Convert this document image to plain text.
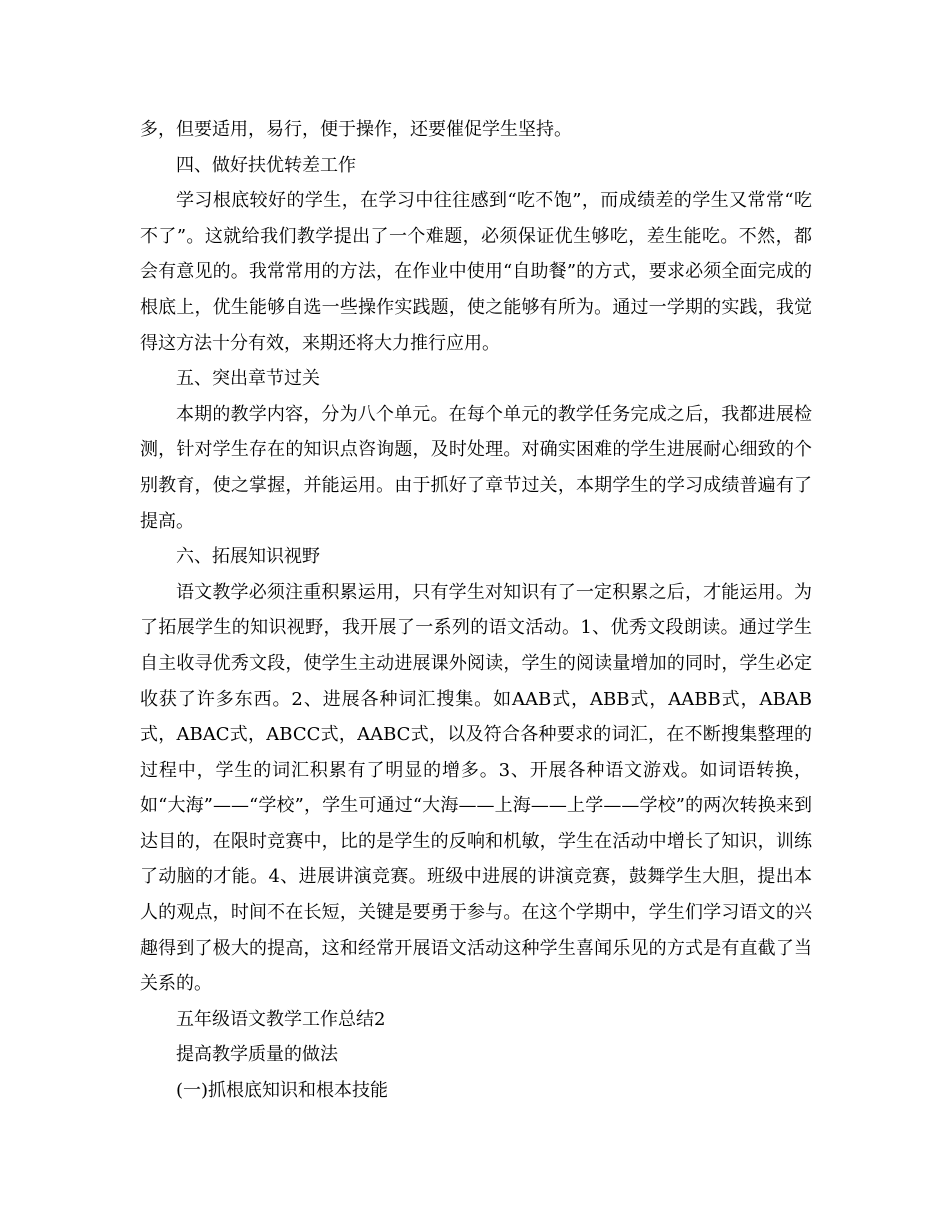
多，但要适用，易行，便于操作，还要催促学生坚持。

四、做好扶优转差工作

学习根底较好的学生，在学习中往往感到“吃不饱”，而成绩差的学生又常常“吃不了”。这就给我们教学提出了一个难题，必须保证优生够吃，差生能吃。不然，都会有意见的。我常常用的方法，在作业中使用“自助餐”的方式，要求必须全面完成的根底上，优生能够自选一些操作实践题，使之能够有所为。通过一学期的实践，我觉得这方法十分有效，来期还将大力推行应用。

五、突出章节过关

本期的教学内容，分为八个单元。在每个单元的教学任务完成之后，我都进展检测，针对学生存在的知识点咨询题，及时处理。对确实困难的学生进展耐心细致的个别教育，使之掌握，并能运用。由于抓好了章节过关，本期学生的学习成绩普遍有了提高。

六、拓展知识视野

语文教学必须注重积累运用，只有学生对知识有了一定积累之后，才能运用。为了拓展学生的知识视野，我开展了一系列的语文活动。1、优秀文段朗读。通过学生自主收寻优秀文段，使学生主动进展课外阅读，学生的阅读量增加的同时，学生必定收获了许多东西。2、进展各种词汇搜集。如AAB式，ABB式，AABB式，ABAB式，ABAC式，ABCC式，AABC式，以及符合各种要求的词汇，在不断搜集整理的过程中，学生的词汇积累有了明显的增多。3、开展各种语文游戏。如词语转换，如“大海”——“学校”，学生可通过“大海——上海——上学——学校”的两次转换来到达目的，在限时竞赛中，比的是学生的反响和机敏，学生在活动中增长了知识，训练了动脑的才能。4、进展讲演竞赛。班级中进展的讲演竞赛，鼓舞学生大胆，提出本人的观点，时间不在长短，关键是要勇于参与。在这个学期中，学生们学习语文的兴趣得到了极大的提高，这和经常开展语文活动这种学生喜闻乐见的方式是有直截了当关系的。

五年级语文教学工作总结2

提高教学质量的做法

(一)抓根底知识和根本技能
